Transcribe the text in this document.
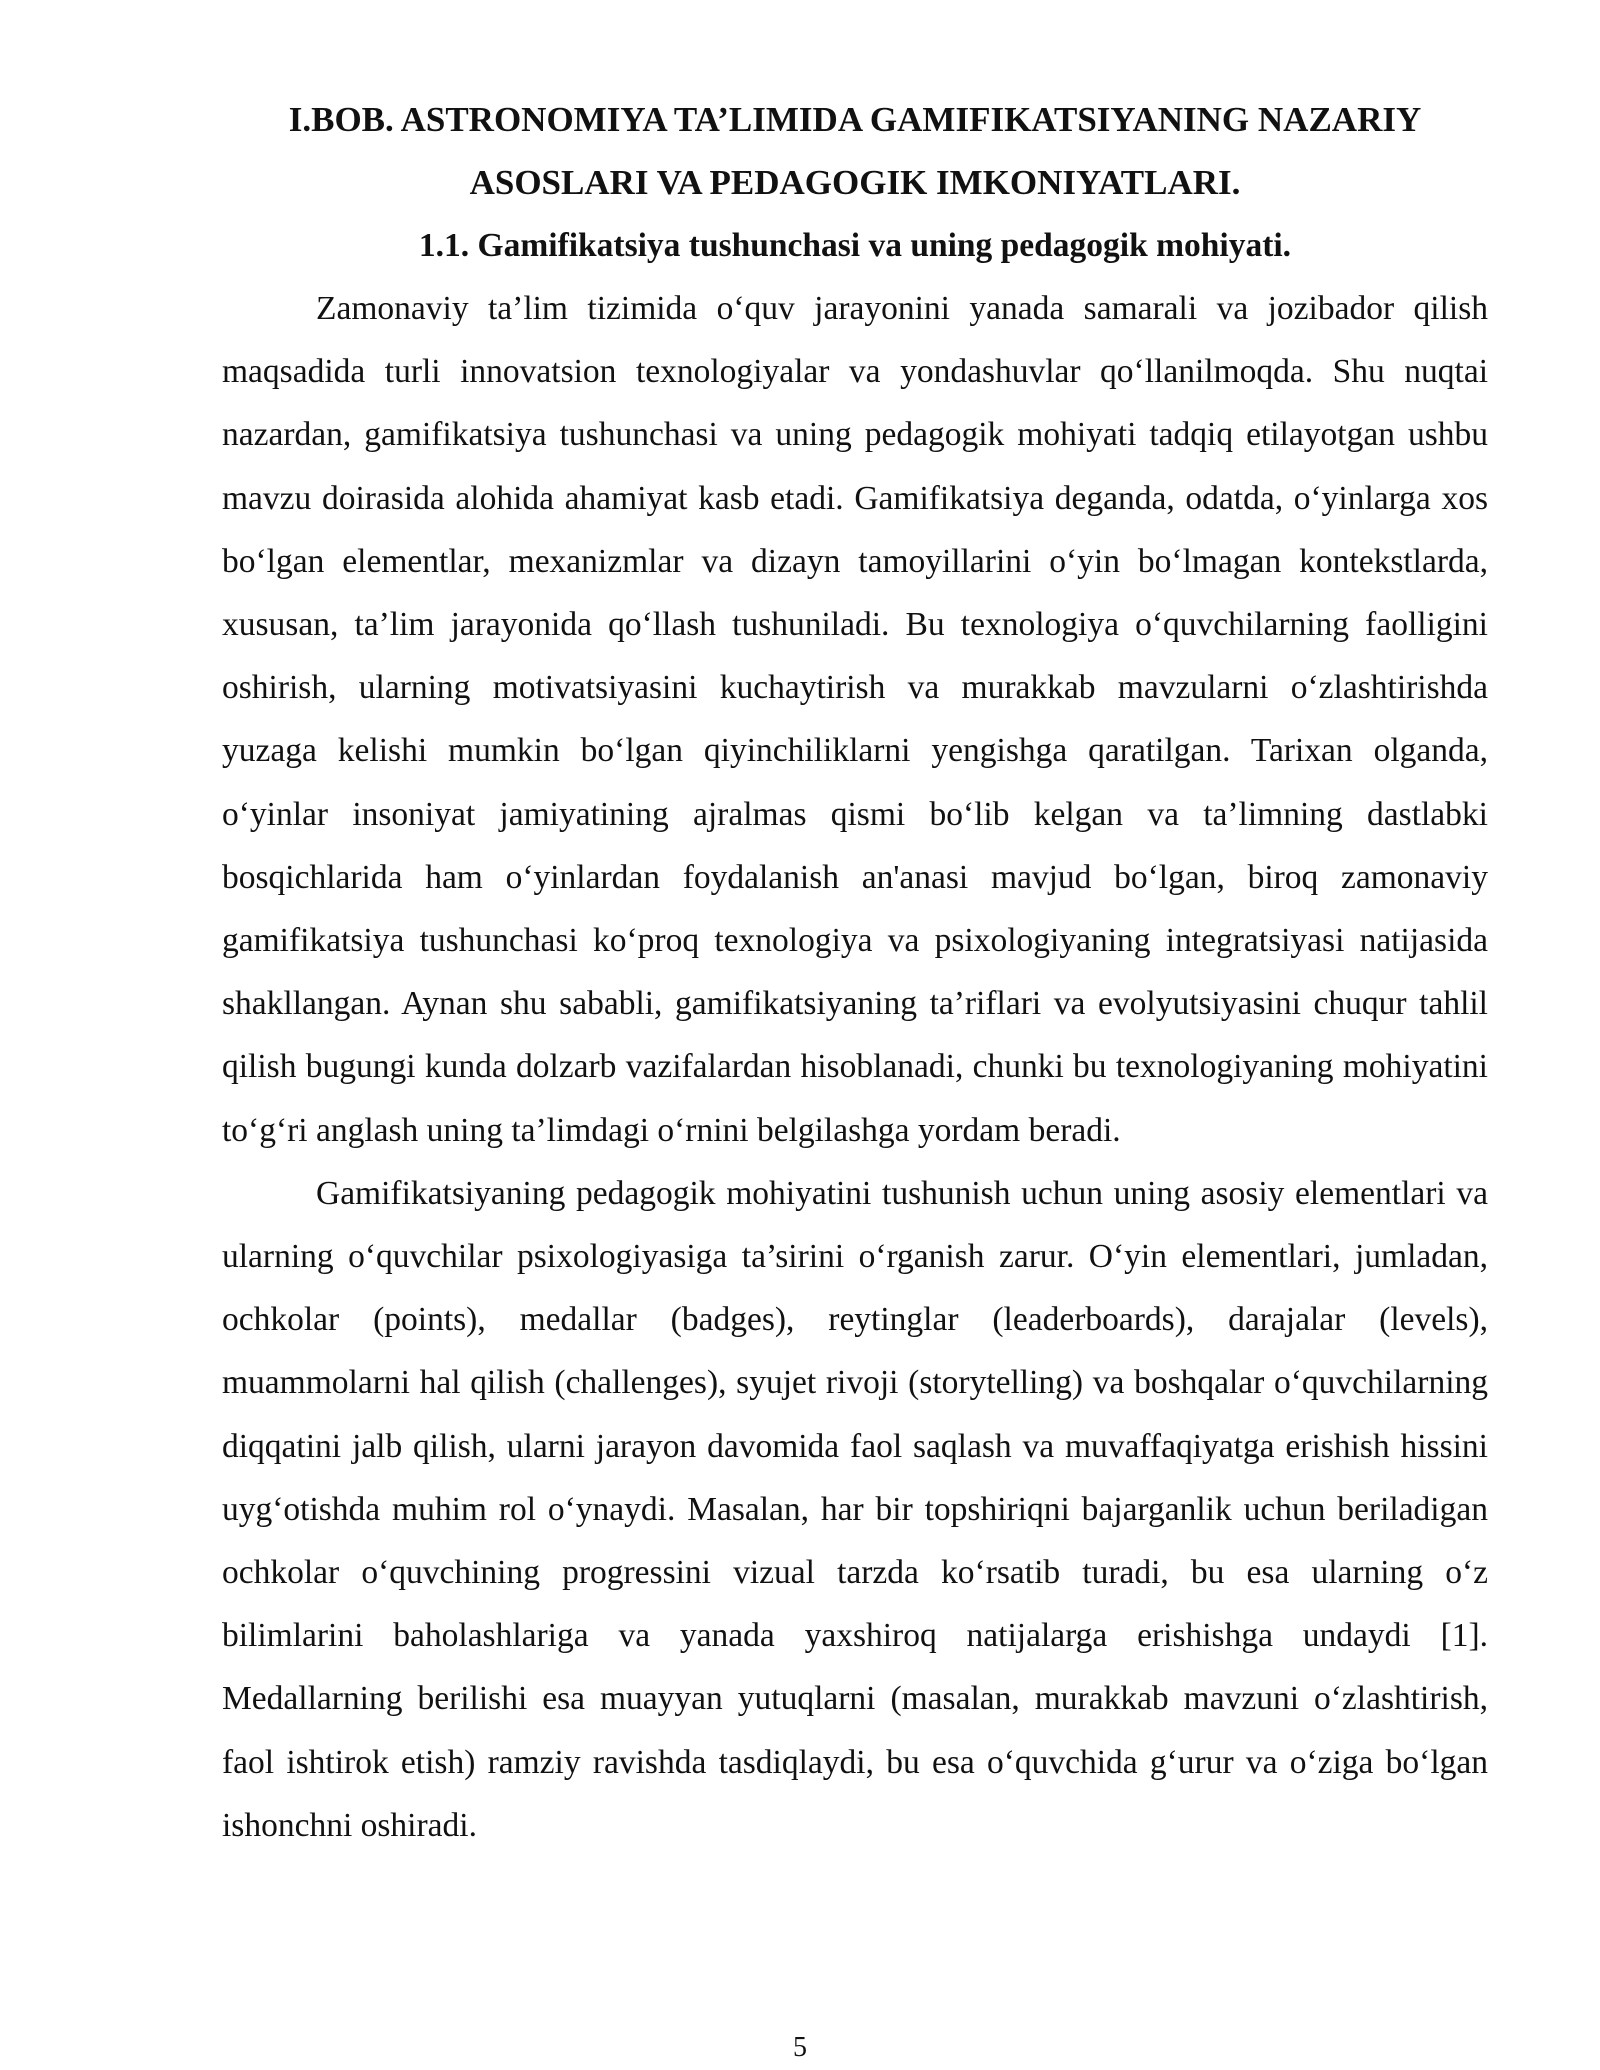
I.BOB. ASTRONOMIYA TA’LIMIDA GAMIFIKATSIYANING NAZARIY

ASOSLARI VA PEDAGOGIK IMKONIYATLARI.

1.1. Gamifikatsiya tushunchasi va uning pedagogik mohiyati.

Zamonaviy ta’lim tizimida o‘quv jarayonini yanada samarali va jozibador qilish maqsadida turli innovatsion texnologiyalar va yondashuvlar qo‘llanilmoqda. Shu nuqtai nazardan, gamifikatsiya tushunchasi va uning pedagogik mohiyati tadqiq etilayotgan ushbu mavzu doirasida alohida ahamiyat kasb etadi. Gamifikatsiya deganda, odatda, o‘yinlarga xos bo‘lgan elementlar, mexanizmlar va dizayn tamoyillarini o‘yin bo‘lmagan kontekstlarda, xususan, ta’lim jarayonida qo‘llash tushuniladi. Bu texnologiya o‘quvchilarning faolligini oshirish, ularning motivatsiyasini kuchaytirish va murakkab mavzularni o‘zlashtirishda yuzaga kelishi mumkin bo‘lgan qiyinchiliklarni yengishga qaratilgan. Tarixan olganda, o‘yinlar insoniyat jamiyatining ajralmas qismi bo‘lib kelgan va ta’limning dastlabki bosqichlarida ham o‘yinlardan foydalanish an'anasi mavjud bo‘lgan, biroq zamonaviy gamifikatsiya tushunchasi ko‘proq texnologiya va psixologiyaning integratsiyasi natijasida shakllangan. Aynan shu sababli, gamifikatsiyaning ta’riflari va evolyutsiyasini chuqur tahlil qilish bugungi kunda dolzarb vazifalardan hisoblanadi, chunki bu texnologiyaning mohiyatini to‘g‘ri anglash uning ta’limdagi o‘rnini belgilashga yordam beradi.

Gamifikatsiyaning pedagogik mohiyatini tushunish uchun uning asosiy elementlari va ularning o‘quvchilar psixologiyasiga ta’sirini o‘rganish zarur. O‘yin elementlari, jumladan, ochkolar (points), medallar (badges), reytinglar (leaderboards), darajalar (levels), muammolarni hal qilish (challenges), syujet rivoji (storytelling) va boshqalar o‘quvchilarning diqqatini jalb qilish, ularni jarayon davomida faol saqlash va muvaffaqiyatga erishish hissini uyg‘otishda muhim rol o‘ynaydi. Masalan, har bir topshiriqni bajarganlik uchun beriladigan ochkolar o‘quvchining progressini vizual tarzda ko‘rsatib turadi, bu esa ularning o‘z bilimlarini baholashlariga va yanada yaxshiroq natijalarga erishishga undaydi [1]. Medallarning berilishi esa muayyan yutuqlarni (masalan, murakkab mavzuni o‘zlashtirish, faol ishtirok etish) ramziy ravishda tasdiqlaydi, bu esa o‘quvchida g‘urur va o‘ziga bo‘lgan ishonchni oshiradi.

5
